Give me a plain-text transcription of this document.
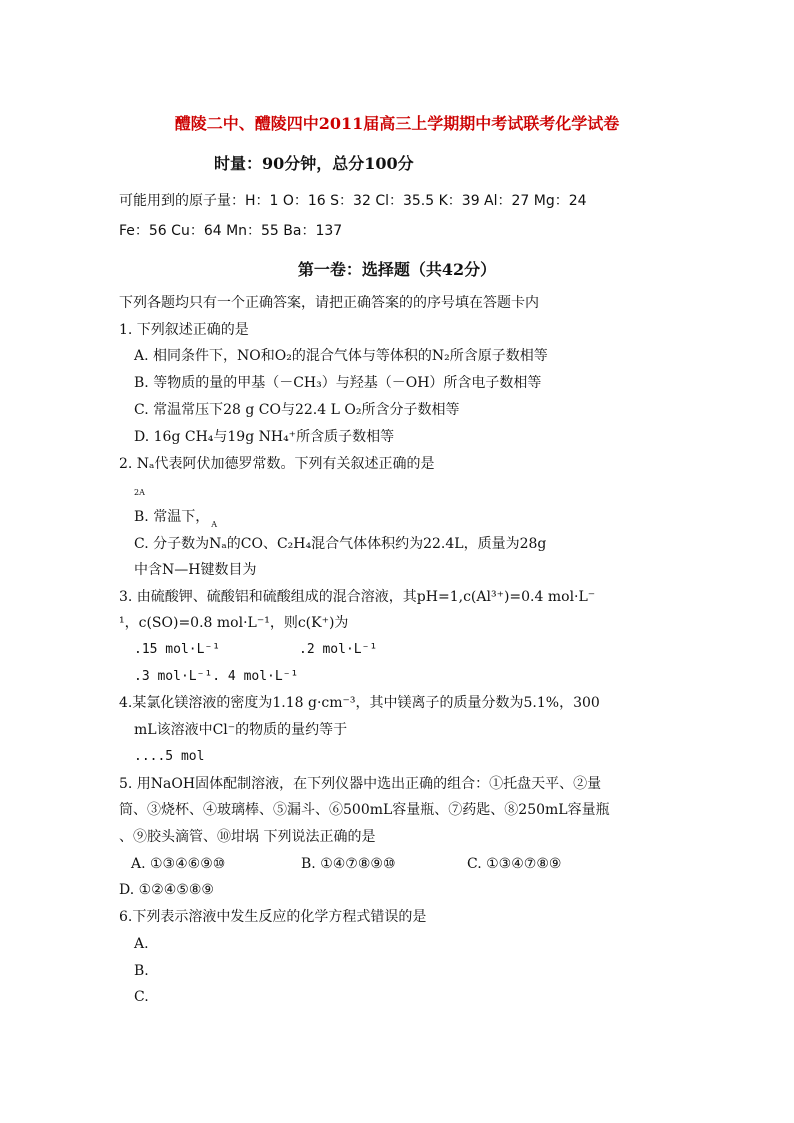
醴陵二中、醴陵四中2011届高三上学期期中考试联考化学试卷
时量：90分钟，总分100分
可能用到的原子量：H：1 O：16 S：32 Cl：35.5 K：39 Al：27 Mg：24
Fe：56 Cu：64 Mn：55 Ba：137
第一卷：选择题（共42分）
下列各题均只有一个正确答案，请把正确答案的的序号填在答题卡内
1. 下列叙述正确的是
A. 相同条件下，NO和O₂的混合气体与等体积的N₂所含原子数相等
B. 等物质的量的甲基（－CH₃）与羟基（－OH）所含电子数相等
C. 常温常压下28 g CO与22.4 L O₂所含分子数相等
D. 16g CH₄与19g NH₄⁺所含质子数相等
2. Nₐ代表阿伏加德罗常数。下列有关叙述正确的是
2A
B. 常温下， $_A$
C. 分子数为Nₐ的CO、C₂H₄混合气体体积约为22.4L，质量为28g
中含N—H键数目为
3. 由硫酸钾、硫酸铝和硫酸组成的混合溶液，其pH=1,c(Al³⁺)=0.4 mol·L⁻
¹，c(SO)=0.8 mol·L⁻¹，则c(K⁺)为
.15 mol·L⁻¹	.2 mol·L⁻¹
.3 mol·L⁻¹. 4 mol·L⁻¹
4.某氯化镁溶液的密度为1.18 g·cm⁻³，其中镁离子的质量分数为5.1%，300
mL该溶液中Cl⁻的物质的量约等于
....5 mol
5. 用NaOH固体配制溶液，在下列仪器中选出正确的组合：①托盘天平、②量
筒、③烧杯、④玻璃棒、⑤漏斗、⑥500mL容量瓶、⑦药匙、⑧250mL容量瓶
、⑨胶头滴管、⑩坩埚 下列说法正确的是
A. ①③④⑥⑨⑩	B. ①④⑦⑧⑨⑩	C. ①③④⑦⑧⑨
D. ①②④⑤⑧⑨
6.下列表示溶液中发生反应的化学方程式错误的是
A.
B.
C.
